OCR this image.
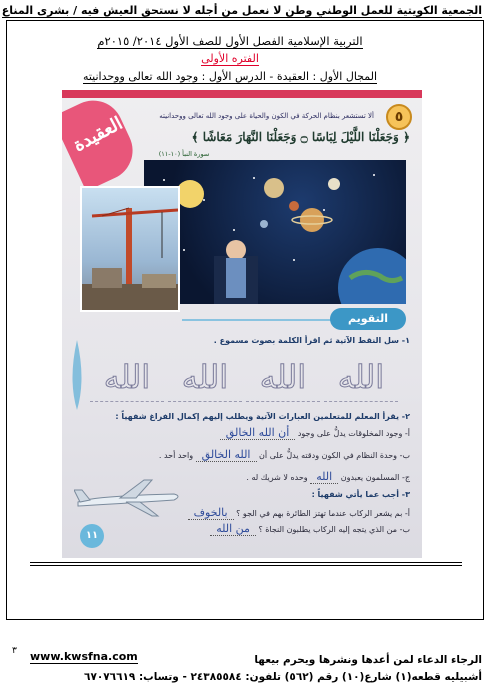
الجمعية الكويتية للعمل الوطني وطن لا نعمل من أجله لا نستحق العيش فيه / بشرى المناع
التربية الإسلامية الفصل الأول للصف الأول ٢٠١٤/ ٢٠١٥م
الفتره الأولى
المجال الأول : العقيدة - الدرس الأول : وجود الله تعالى ووحدانيته
العقيدة	٥
ألا تستشعر بنظام الحركة في الكون والحياة على وجود الله تعالى ووحدانيته
﴿ وَجَعَلْنَا اللَّيْلَ لِبَاسًا ۝ وَجَعَلْنَا النَّهَارَ مَعَاشًا ﴾
سورة النبأ (١٠-١١)
التقويم
١- سل النقط الآتية ثم اقرأ الكلمة بصوت مسموع .
الله
الله
الله
الله
٢- يقرأ المعلم للمتعلمين العبارات الآتية ويطلب إليهم إكمال الفراغ شفهياً :
أ- وجود المخلوقات يدلُّ على وجود أن الله الخالق
ب- وحدة النظام في الكون ودقته يدلُّ على أن الله الخالق واحد أحد .
ج- المسلمون يعبدون الله وحده لا شريك له .
٣- أجب عما يأتي شفهياً :
أ- بم يشعر الركاب عندما تهتز الطائرة بهم في الجو ؟ بالخوف
ب- من الذي يتجه إليه الركاب يطلبون النجاة ؟ من الله
١١
٣ www.kwsfna.com	الرجاء الدعاء لمن أعدها ونشرها ويحرم بيعها
أشبيليه قطعه(١) شارع(١٠) رقم (٥٦٢) تلفون: ٢٤٣٨٥٥٨٤ - وتساب: ٦٧٠٧٦٦١٩
